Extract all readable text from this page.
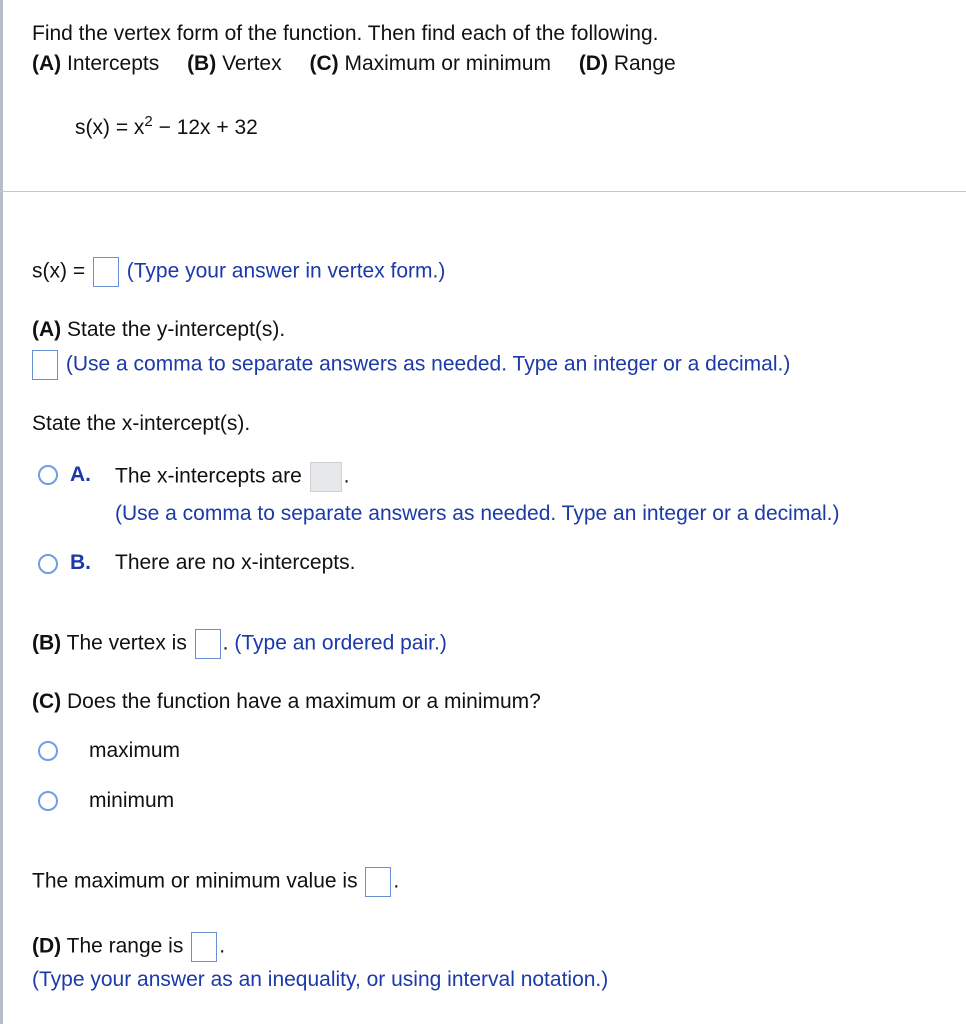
Find the vertex form of the function. Then find each of the following.
(A) Intercepts (B) Vertex (C) Maximum or minimum (D) Range
$s(x) = x^2 - 12x + 32$
s(x) =  (Type your answer in vertex form.)
(A) State the y-intercept(s).
(Use a comma to separate answers as needed. Type an integer or a decimal.)
State the x-intercept(s).
A. The x-intercepts are .
(Use a comma to separate answers as needed. Type an integer or a decimal.)
B. There are no x-intercepts.
(B) The vertex is . (Type an ordered pair.)
(C) Does the function have a maximum or a minimum?
maximum
minimum
The maximum or minimum value is .
(D) The range is .
(Type your answer as an inequality, or using interval notation.)
